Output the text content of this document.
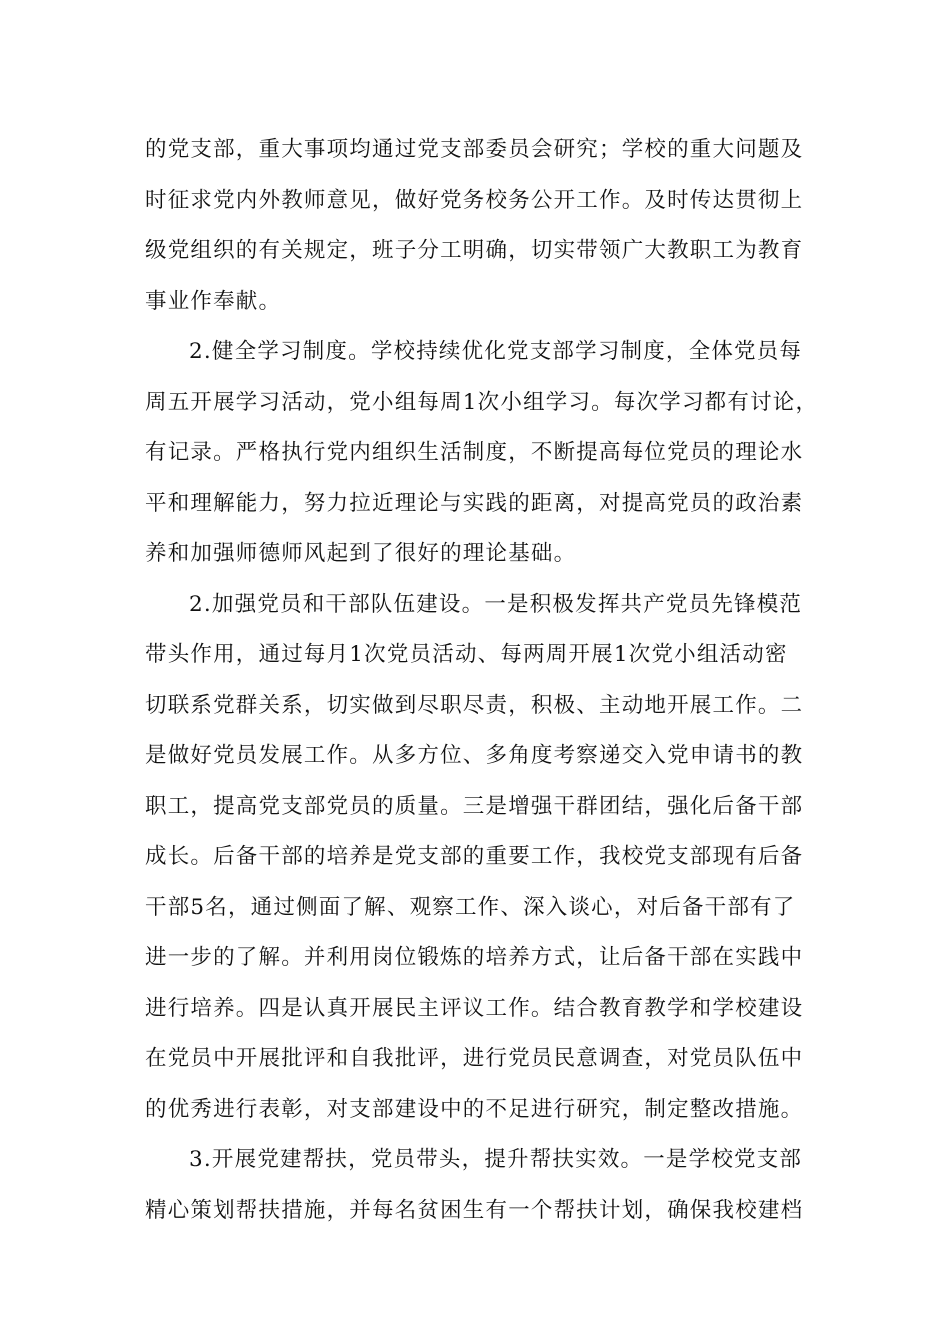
的党支部，重大事项均通过党支部委员会研究；学校的重大问题及
时征求党内外教师意见，做好党务校务公开工作。及时传达贯彻上
级党组织的有关规定，班子分工明确，切实带领广大教职工为教育
事业作奉献。
2.健全学习制度。学校持续优化党支部学习制度，全体党员每
周五开展学习活动，党小组每周1次小组学习。每次学习都有讨论，
有记录。严格执行党内组织生活制度，不断提高每位党员的理论水
平和理解能力，努力拉近理论与实践的距离，对提高党员的政治素
养和加强师德师风起到了很好的理论基础。
2.加强党员和干部队伍建设。一是积极发挥共产党员先锋模范
带头作用，通过每月1次党员活动、每两周开展1次党小组活动密
切联系党群关系，切实做到尽职尽责，积极、主动地开展工作。二
是做好党员发展工作。从多方位、多角度考察递交入党申请书的教
职工，提高党支部党员的质量。三是增强干群团结，强化后备干部
成长。后备干部的培养是党支部的重要工作，我校党支部现有后备
干部5名，通过侧面了解、观察工作、深入谈心，对后备干部有了
进一步的了解。并利用岗位锻炼的培养方式，让后备干部在实践中
进行培养。四是认真开展民主评议工作。结合教育教学和学校建设
在党员中开展批评和自我批评，进行党员民意调查，对党员队伍中
的优秀进行表彰，对支部建设中的不足进行研究，制定整改措施。
3.开展党建帮扶，党员带头，提升帮扶实效。一是学校党支部
精心策划帮扶措施，并每名贫困生有一个帮扶计划，确保我校建档
